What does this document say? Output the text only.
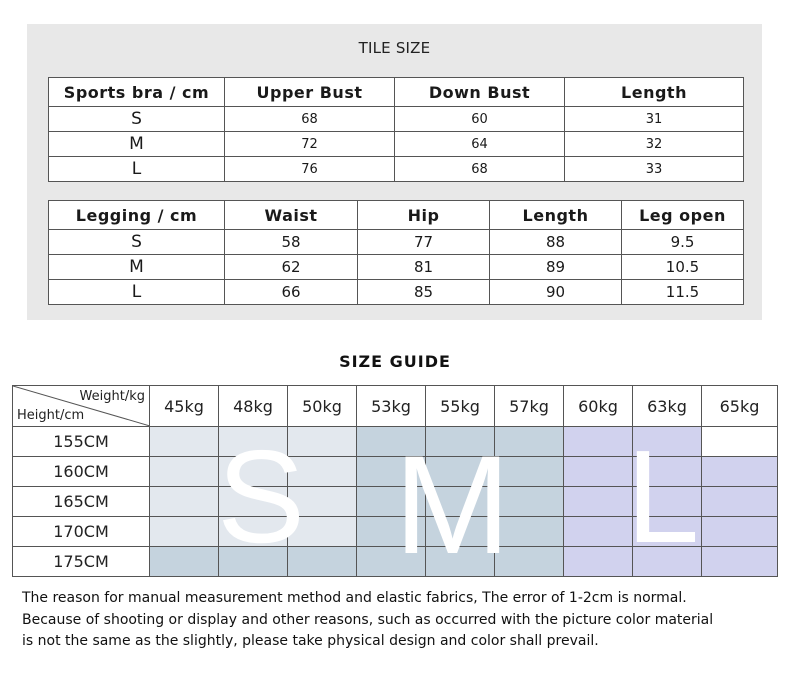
TILE SIZE
Sports bra / cm	Upper Bust	Down Bust	Length
S	68	60	31
M	72	64	32
L	76	68	33
Legging / cm	Waist	Hip	Length	Leg open
S	58	77	88	9.5
M	62	81	89	10.5
L	66	85	90	11.5
SIZE GUIDE
Weight/kg
Height/cm	45kg	48kg	50kg	53kg	55kg	57kg	60kg	63kg	65kg
155CM									
160CM									
165CM									
170CM									
175CM									S M L
The reason for manual measurement method and elastic fabrics, The error of 1-2cm is normal.
Because of shooting or display and other reasons, such as occurred with the picture color material
is not the same as the slightly, please take physical design and color shall prevail.
